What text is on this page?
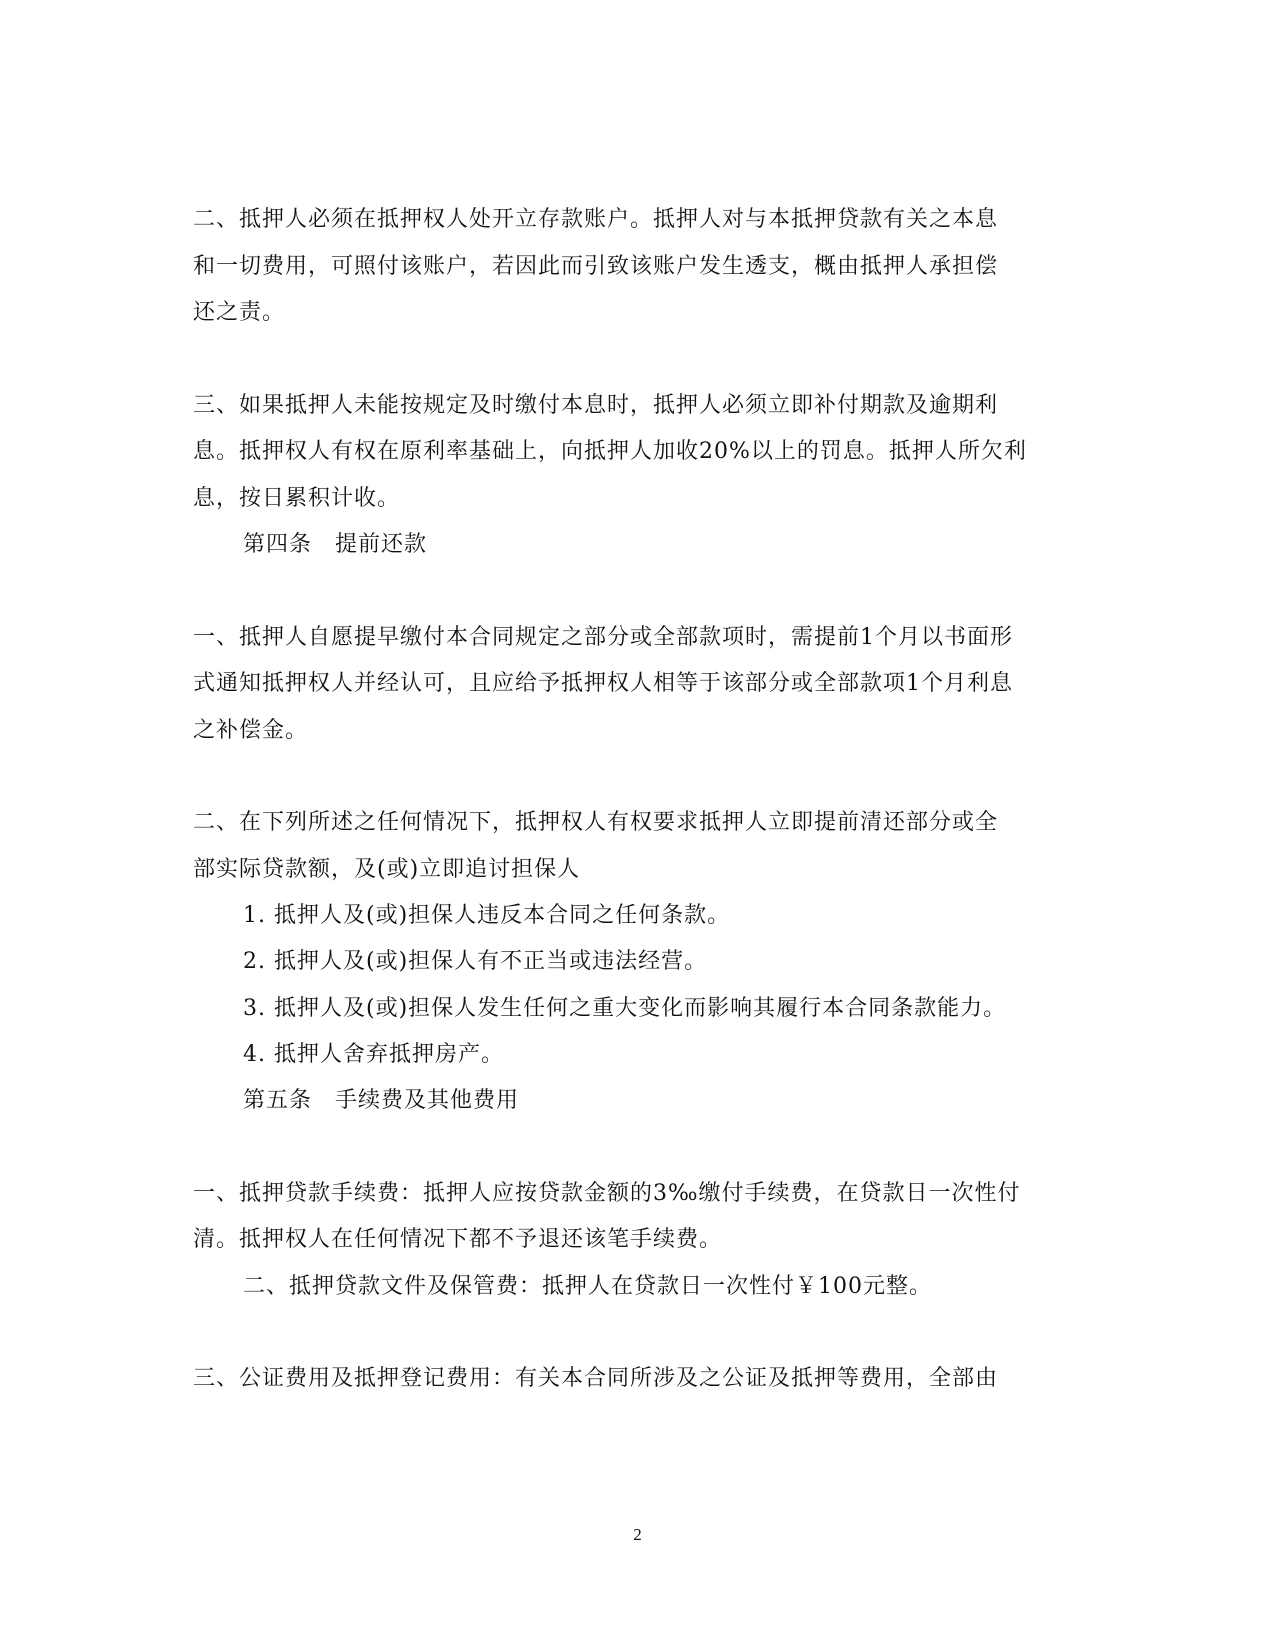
二、抵押人必须在抵押权人处开立存款账户。抵押人对与本抵押贷款有关之本息
和一切费用，可照付该账户，若因此而引致该账户发生透支，概由抵押人承担偿
还之责。
三、如果抵押人未能按规定及时缴付本息时，抵押人必须立即补付期款及逾期利
息。抵押权人有权在原利率基础上，向抵押人加收20%以上的罚息。抵押人所欠利
息，按日累积计收。
第四条　提前还款
一、抵押人自愿提早缴付本合同规定之部分或全部款项时，需提前1个月以书面形
式通知抵押权人并经认可，且应给予抵押权人相等于该部分或全部款项1个月利息
之补偿金。
二、在下列所述之任何情况下，抵押权人有权要求抵押人立即提前清还部分或全
部实际贷款额，及(或)立即追讨担保人
1. 抵押人及(或)担保人违反本合同之任何条款。
2. 抵押人及(或)担保人有不正当或违法经营。
3. 抵押人及(或)担保人发生任何之重大变化而影响其履行本合同条款能力。
4. 抵押人舍弃抵押房产。
第五条　手续费及其他费用
一、抵押贷款手续费：抵押人应按贷款金额的3‰缴付手续费，在贷款日一次性付
清。抵押权人在任何情况下都不予退还该笔手续费。
二、抵押贷款文件及保管费：抵押人在贷款日一次性付￥100元整。
三、公证费用及抵押登记费用：有关本合同所涉及之公证及抵押等费用，全部由
2
